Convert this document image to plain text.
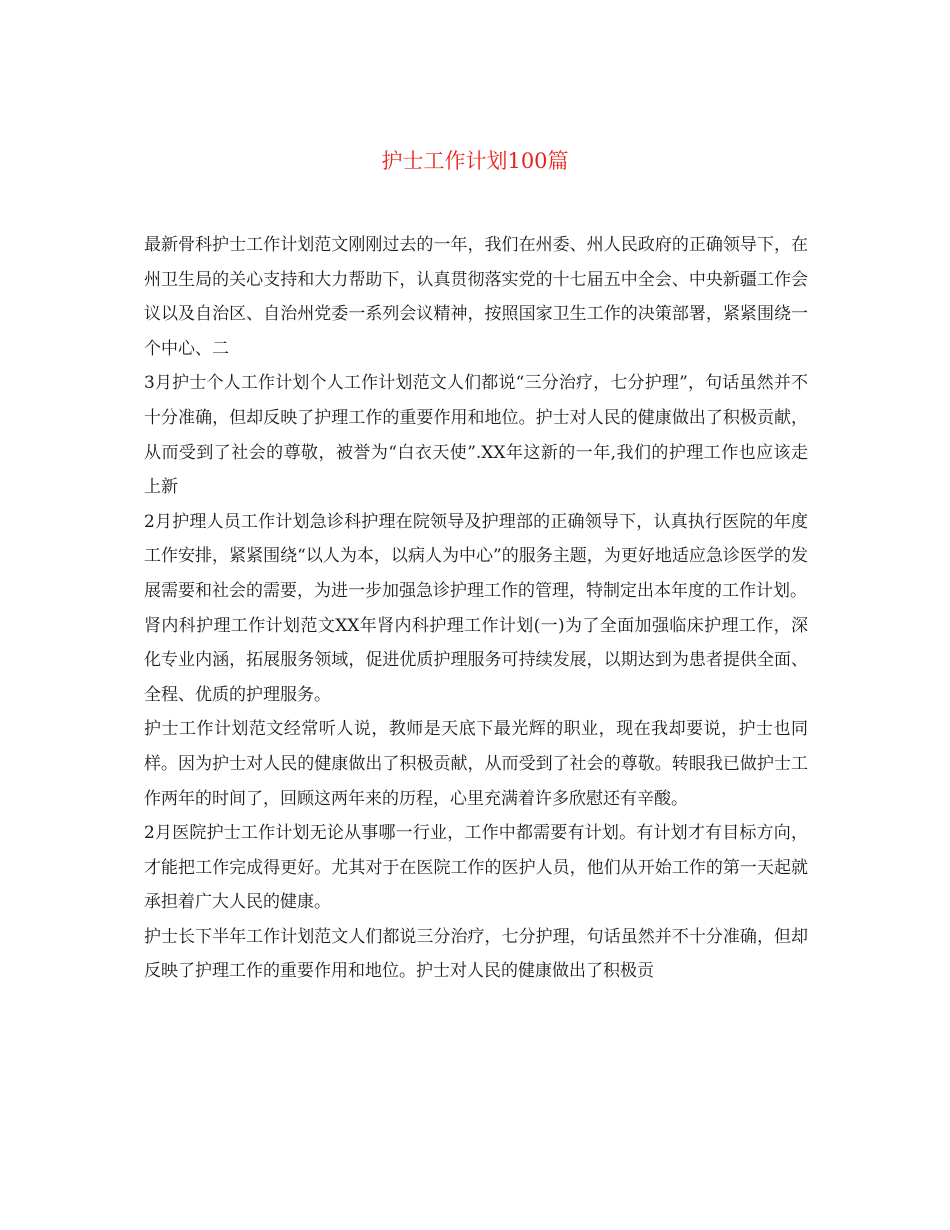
护士工作计划100篇

最新骨科护士工作计划范文刚刚过去的一年，我们在州委、州人民政府的正确领导下，在州卫生局的关心支持和大力帮助下，认真贯彻落实党的十七届五中全会、中央新疆工作会议以及自治区、自治州党委一系列会议精神，按照国家卫生工作的决策部署，紧紧围绕一个中心、二

3月护士个人工作计划个人工作计划范文人们都说“三分治疗，七分护理”，句话虽然并不十分准确，但却反映了护理工作的重要作用和地位。护士对人民的健康做出了积极贡献，从而受到了社会的尊敬，被誉为“白衣天使”.XX年这新的一年,我们的护理工作也应该走上新

2月护理人员工作计划急诊科护理在院领导及护理部的正确领导下，认真执行医院的年度工作安排，紧紧围绕“以人为本，以病人为中心”的服务主题，为更好地适应急诊医学的发展需要和社会的需要，为进一步加强急诊护理工作的管理，特制定出本年度的工作计划。

肾内科护理工作计划范文XX年肾内科护理工作计划(一)为了全面加强临床护理工作，深化专业内涵，拓展服务领域，促进优质护理服务可持续发展，以期达到为患者提供全面、全程、优质的护理服务。

护士工作计划范文经常听人说，教师是天底下最光辉的职业，现在我却要说，护士也同样。因为护士对人民的健康做出了积极贡献，从而受到了社会的尊敬。转眼我已做护士工作两年的时间了，回顾这两年来的历程，心里充满着许多欣慰还有辛酸。

2月医院护士工作计划无论从事哪一行业，工作中都需要有计划。有计划才有目标方向，才能把工作完成得更好。尤其对于在医院工作的医护人员，他们从开始工作的第一天起就承担着广大人民的健康。

护士长下半年工作计划范文人们都说三分治疗，七分护理，句话虽然并不十分准确，但却反映了护理工作的重要作用和地位。护士对人民的健康做出了积极贡
